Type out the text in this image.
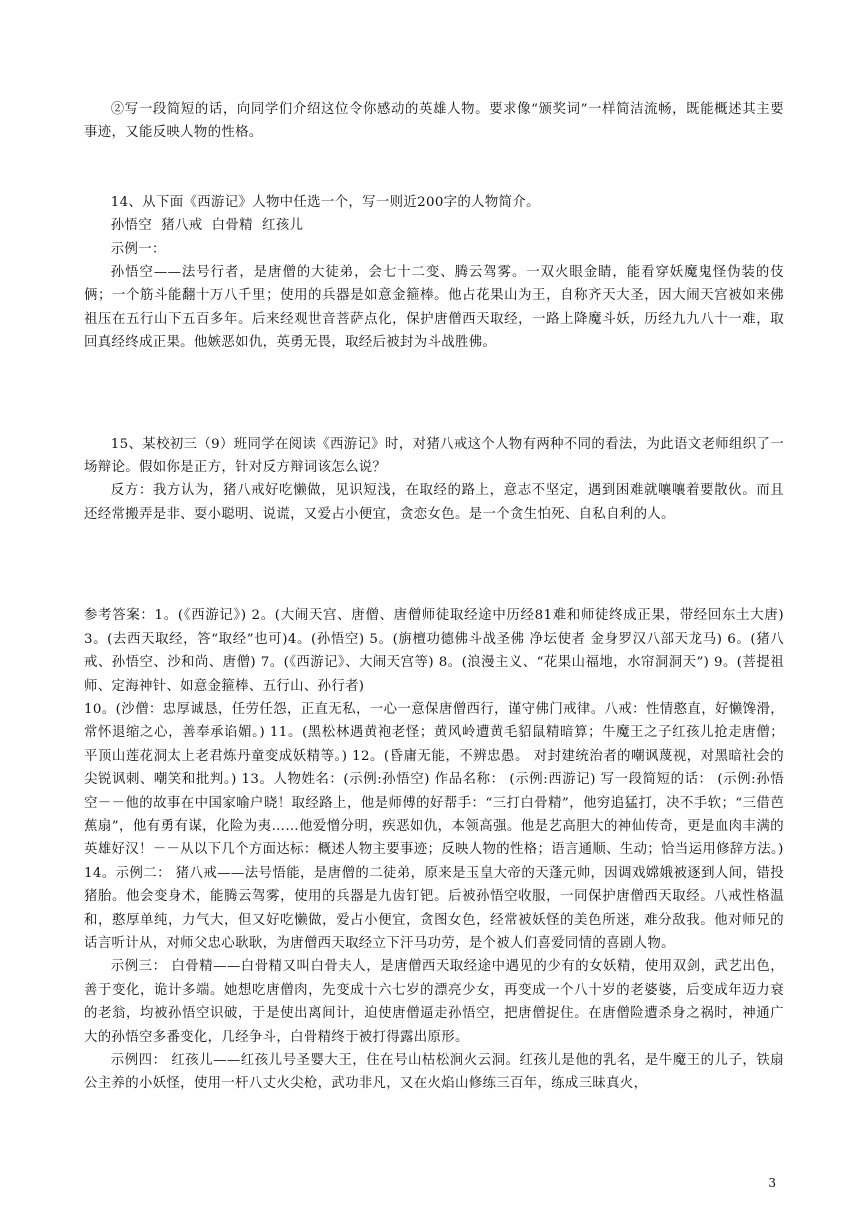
②写一段简短的话，向同学们介绍这位令你感动的英雄人物。要求像“颁奖词”一样简洁流畅，既能概述其主要事迹，又能反映人物的性格。

14、从下面《西游记》人物中任选一个，写一则近200字的人物简介。

孙悟空  猪八戒  白骨精  红孩儿

示例一：

孙悟空——法号行者，是唐僧的大徒弟，会七十二变、腾云驾雾。一双火眼金睛，能看穿妖魔鬼怪伪装的伎俩；一个筋斗能翻十万八千里；使用的兵器是如意金箍棒。他占花果山为王，自称齐天大圣，因大闹天宫被如来佛祖压在五行山下五百多年。后来经观世音菩萨点化，保护唐僧西天取经，一路上降魔斗妖，历经九九八十一难，取回真经终成正果。他嫉恶如仇，英勇无畏，取经后被封为斗战胜佛。

15、某校初三（9）班同学在阅读《西游记》时，对猪八戒这个人物有两种不同的看法，为此语文老师组织了一场辩论。假如你是正方，针对反方辩词该怎么说？

反方：我方认为，猪八戒好吃懒做，见识短浅，在取经的路上，意志不坚定，遇到困难就嚷嚷着要散伙。而且还经常搬弄是非、耍小聪明、说谎，又爱占小便宜，贪恋女色。是一个贪生怕死、自私自利的人。

参考答案：1。(《西游记》) 2。(大闹天宫、唐僧、唐僧师徒取经途中历经81难和师徒终成正果，带经回东土大唐) 3。(去西天取经，答“取经”也可)4。(孙悟空) 5。(旃檀功德佛斗战圣佛 净坛使者 金身罗汉八部天龙马) 6。(猪八戒、孙悟空、沙和尚、唐僧) 7。(《西游记》、大闹天宫等) 8。(浪漫主义、“花果山福地，水帘洞洞天”) 9。(菩提祖师、定海神针、如意金箍棒、五行山、孙行者)

10。(沙僧：忠厚诚恳，任劳任怨，正直无私，一心一意保唐僧西行，谨守佛门戒律。八戒：性情憨直，好懒馋滑，常怀退缩之心，善奉承谄媚。) 11。(黑松林遇黄袍老怪；黄风岭遭黄毛貂鼠精暗算；牛魔王之子红孩儿抢走唐僧；平顶山莲花洞太上老君炼丹童变成妖精等。) 12。(昏庸无能，不辨忠愚。 对封建统治者的嘲讽蔑视，对黑暗社会的尖锐讽刺、嘲笑和批判。) 13。人物姓名：(示例:孙悟空) 作品名称： (示例:西游记) 写一段简短的话： (示例:孙悟空－－他的故事在中国家喻户晓！取经路上，他是师傅的好帮手：“三打白骨精”，他穷追猛打，决不手软；“三借芭蕉扇”，他有勇有谋，化险为夷……他爱憎分明，疾恶如仇，本领高强。他是艺高胆大的神仙传奇，更是血肉丰满的英雄好汉！－－从以下几个方面达标：概述人物主要事迹；反映人物的性格；语言通顺、生动；恰当运用修辞方法。)

14。示例二： 猪八戒——法号悟能，是唐僧的二徒弟，原来是玉皇大帝的天蓬元帅，因调戏嫦娥被逐到人间，错投猪胎。他会变身术，能腾云驾雾，使用的兵器是九齿钉钯。后被孙悟空收服，一同保护唐僧西天取经。八戒性格温和，憨厚单纯，力气大，但又好吃懒做，爱占小便宜，贪图女色，经常被妖怪的美色所迷，难分敌我。他对师兄的话言听计从，对师父忠心耿耿，为唐僧西天取经立下汗马功劳，是个被人们喜爱同情的喜剧人物。

示例三： 白骨精——白骨精又叫白骨夫人，是唐僧西天取经途中遇见的少有的女妖精，使用双剑，武艺出色，善于变化，诡计多端。她想吃唐僧肉，先变成十六七岁的漂亮少女，再变成一个八十岁的老婆婆，后变成年迈力衰的老翁，均被孙悟空识破，于是使出离间计，迫使唐僧逼走孙悟空，把唐僧捉住。在唐僧险遭杀身之祸时，神通广大的孙悟空多番变化，几经争斗，白骨精终于被打得露出原形。

示例四： 红孩儿——红孩儿号圣婴大王，住在号山枯松涧火云洞。红孩儿是他的乳名，是牛魔王的儿子，铁扇公主养的小妖怪，使用一杆八丈火尖枪，武功非凡，又在火焰山修练三百年，练成三昧真火，

3
